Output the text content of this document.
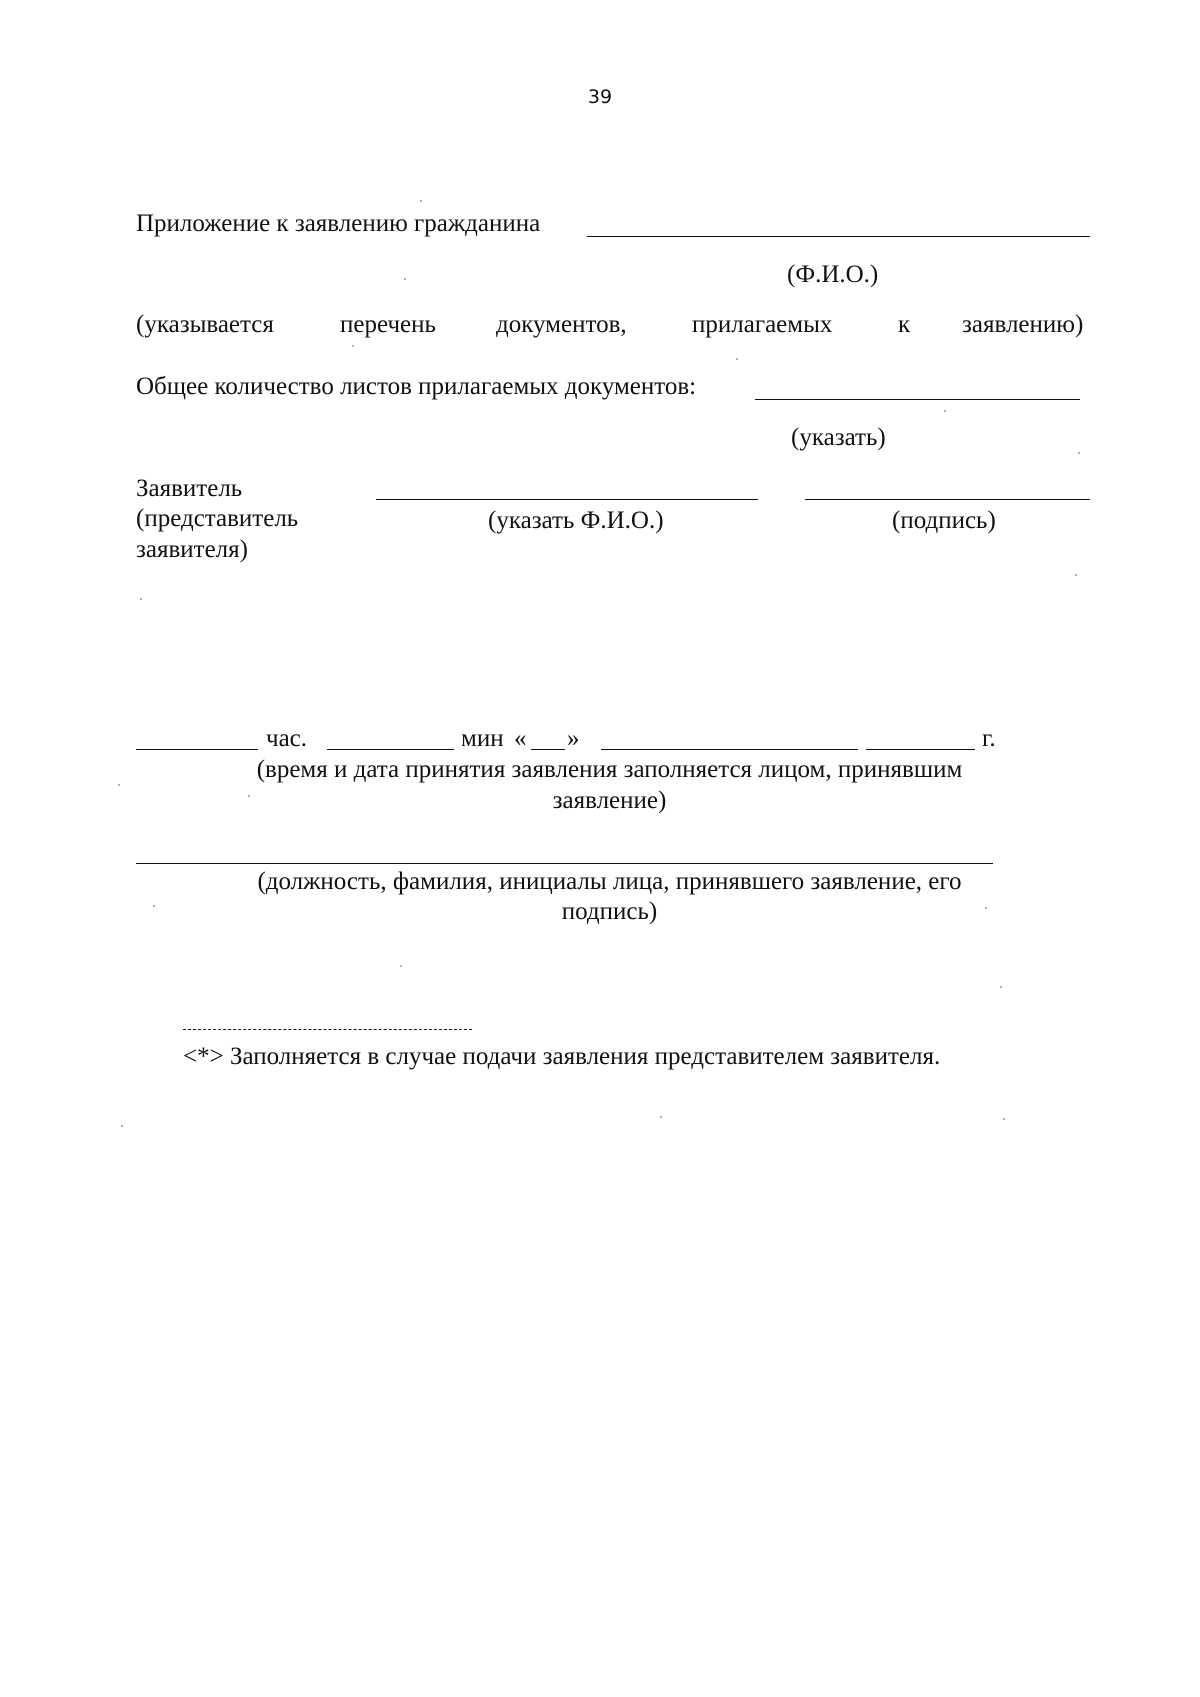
39
Приложение к заявлению гражданина
(Ф.И.О.)
(указывается	перечень документов,	прилагаемых	к заявлению)
Общее количество листов прилагаемых документов:
(указать)
Заявитель
(представитель
заявителя)
(указать Ф.И.О.)	(подпись)
час.	мин « »	г.
(время и дата принятия заявления заполняется лицом, принявшим
заявление)
(должность, фамилия, инициалы лица, принявшего заявление, его
подпись)
<*> Заполняется в случае подачи заявления представителем заявителя.
